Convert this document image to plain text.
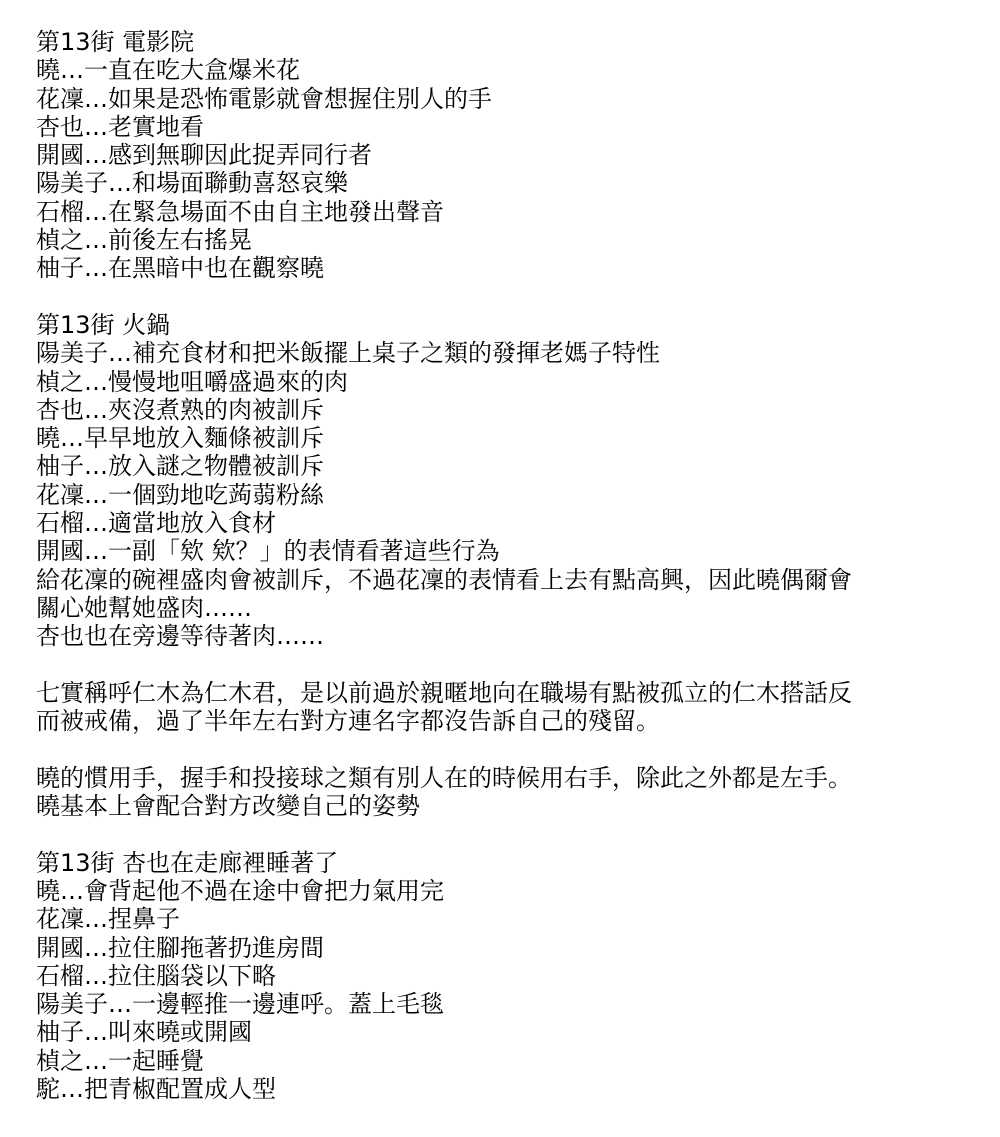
第13街 電影院
曉…一直在吃大盒爆米花
花凜…如果是恐怖電影就會想握住別人的手
杏也…老實地看
開國…感到無聊因此捉弄同行者
陽美子…和場面聯動喜怒哀樂
石榴…在緊急場面不由自主地發出聲音
楨之…前後左右搖晃
柚子…在黑暗中也在觀察曉
第13街 火鍋
陽美子…補充食材和把米飯擺上桌子之類的發揮老媽子特性
楨之…慢慢地咀嚼盛過來的肉
杏也…夾沒煮熟的肉被訓斥
曉…早早地放入麵條被訓斥
柚子…放入謎之物體被訓斥
花凜…一個勁地吃蒟蒻粉絲
石榴…適當地放入食材
開國…一副「欸 欸？」的表情看著這些行為
給花凜的碗裡盛肉會被訓斥，不過花凜的表情看上去有點高興，因此曉偶爾會
關心她幫她盛肉……
杏也也在旁邊等待著肉……
七實稱呼仁木為仁木君，是以前過於親暱地向在職場有點被孤立的仁木搭話反
而被戒備，過了半年左右對方連名字都沒告訴自己的殘留。
曉的慣用手，握手和投接球之類有別人在的時候用右手，除此之外都是左手。
曉基本上會配合對方改變自己的姿勢
第13街 杏也在走廊裡睡著了
曉…會背起他不過在途中會把力氣用完
花凜…捏鼻子
開國…拉住腳拖著扔進房間
石榴…拉住腦袋以下略
陽美子…一邊輕推一邊連呼。蓋上毛毯
柚子…叫來曉或開國
楨之…一起睡覺
駝…把青椒配置成人型
